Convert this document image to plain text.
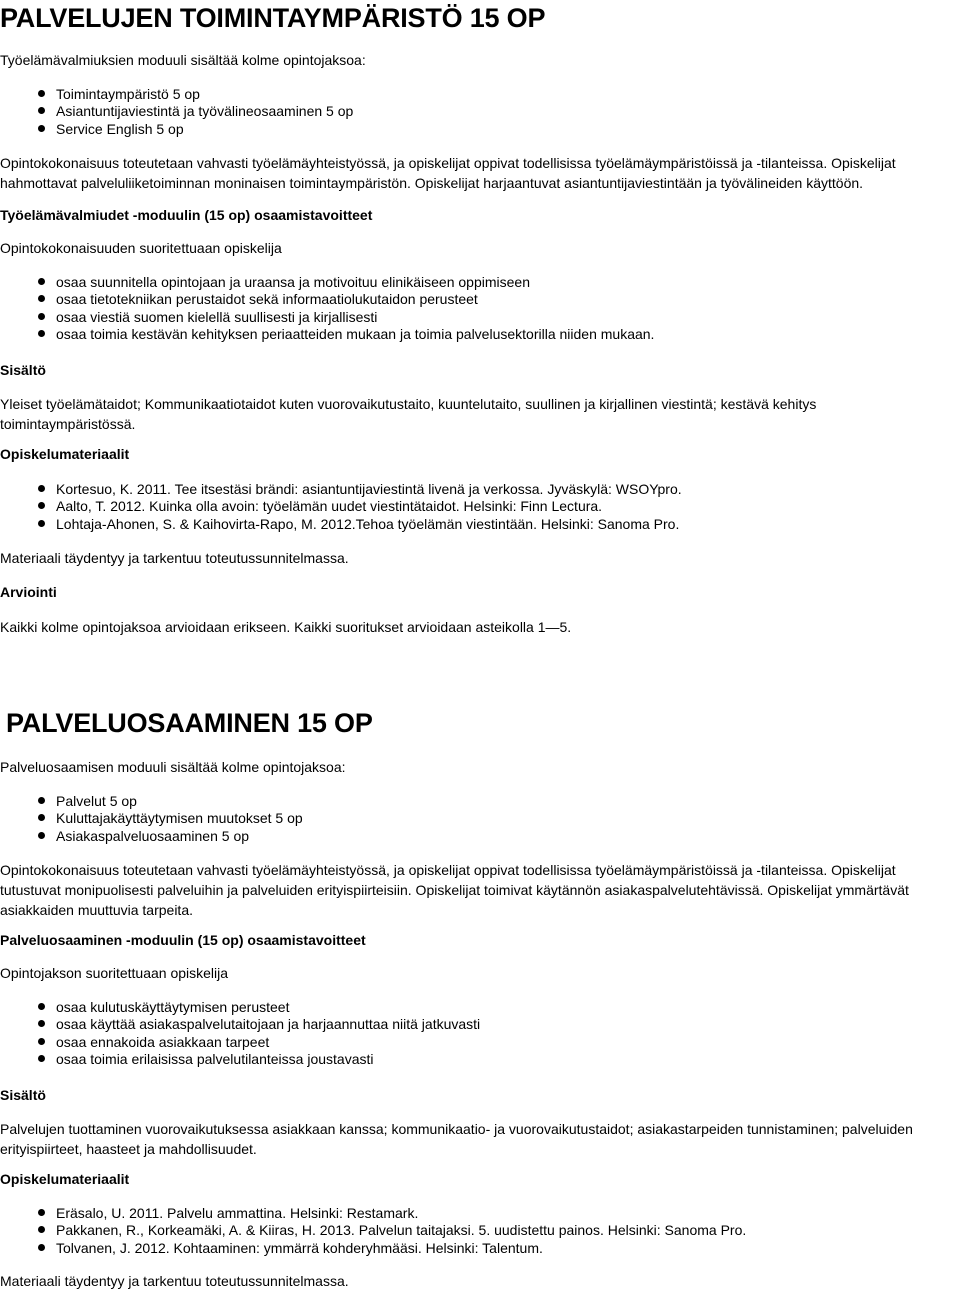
PALVELUJEN TOIMINTAYMPÄRISTÖ 15 OP
Työelämävalmiuksien moduuli sisältää kolme opintojaksoa:
Toimintaympäristö 5 op
Asiantuntijaviestintä ja työvälineosaaminen 5 op
Service English 5 op
Opintokokonaisuus toteutetaan vahvasti työelämäyhteistyössä, ja opiskelijat oppivat todellisissa työelämäympäristöissä ja -tilanteissa. Opiskelijat hahmottavat palveluliiketoiminnan moninaisen toimintaympäristön. Opiskelijat harjaantuvat asiantuntijaviestintään ja työvälineiden käyttöön.
Työelämävalmiudet -moduulin (15 op) osaamistavoitteet
Opintokokonaisuuden suoritettuaan opiskelija
osaa suunnitella opintojaan ja uraansa ja motivoituu elinikäiseen oppimiseen
osaa tietotekniikan perustaidot sekä informaatiolukutaidon perusteet
osaa viestiä suomen kielellä suullisesti ja kirjallisesti
osaa toimia kestävän kehityksen periaatteiden mukaan ja toimia palvelusektorilla niiden mukaan.
Sisältö
Yleiset työelämätaidot; Kommunikaatiotaidot kuten vuorovaikutustaito, kuuntelutaito, suullinen ja kirjallinen viestintä; kestävä kehitys toimintaympäristössä.
Opiskelumateriaalit
Kortesuo, K. 2011. Tee itsestäsi brändi: asiantuntijaviestintä livenä ja verkossa. Jyväskylä: WSOYpro.
Aalto, T. 2012. Kuinka olla avoin: työelämän uudet viestintätaidot. Helsinki: Finn Lectura.
Lohtaja-Ahonen, S. & Kaihovirta-Rapo, M. 2012.Tehoa työelämän viestintään. Helsinki: Sanoma Pro.
Materiaali täydentyy ja tarkentuu toteutussunnitelmassa.
Arviointi
Kaikki kolme opintojaksoa arvioidaan erikseen. Kaikki suoritukset arvioidaan asteikolla 1—5.
PALVELUOSAAMINEN 15 OP
Palveluosaamisen moduuli sisältää kolme opintojaksoa:
Palvelut 5 op
Kuluttajakäyttäytymisen muutokset 5 op
Asiakaspalveluosaaminen 5 op
Opintokokonaisuus toteutetaan vahvasti työelämäyhteistyössä, ja opiskelijat oppivat todellisissa työelämäympäristöissä ja -tilanteissa. Opiskelijat tutustuvat monipuolisesti palveluihin ja palveluiden erityispiirteisiin. Opiskelijat toimivat käytännön asiakaspalvelutehtävissä. Opiskelijat ymmärtävät asiakkaiden muuttuvia tarpeita.
Palveluosaaminen -moduulin (15 op) osaamistavoitteet
Opintojakson suoritettuaan opiskelija
osaa kulutuskäyttäytymisen perusteet
osaa käyttää asiakaspalvelutaitojaan ja harjaannuttaa niitä jatkuvasti
osaa ennakoida asiakkaan tarpeet
osaa toimia erilaisissa palvelutilanteissa joustavasti
Sisältö
Palvelujen tuottaminen vuorovaikutuksessa asiakkaan kanssa; kommunikaatio- ja vuorovaikutustaidot; asiakastarpeiden tunnistaminen; palveluiden erityispiirteet, haasteet ja mahdollisuudet.
Opiskelumateriaalit
Eräsalo, U. 2011. Palvelu ammattina. Helsinki: Restamark.
Pakkanen, R., Korkeamäki, A. & Kiiras, H. 2013. Palvelun taitajaksi. 5. uudistettu painos. Helsinki: Sanoma Pro.
Tolvanen, J. 2012. Kohtaaminen: ymmärrä kohderyhmääsi. Helsinki: Talentum.
Materiaali täydentyy ja tarkentuu toteutussunnitelmassa.
